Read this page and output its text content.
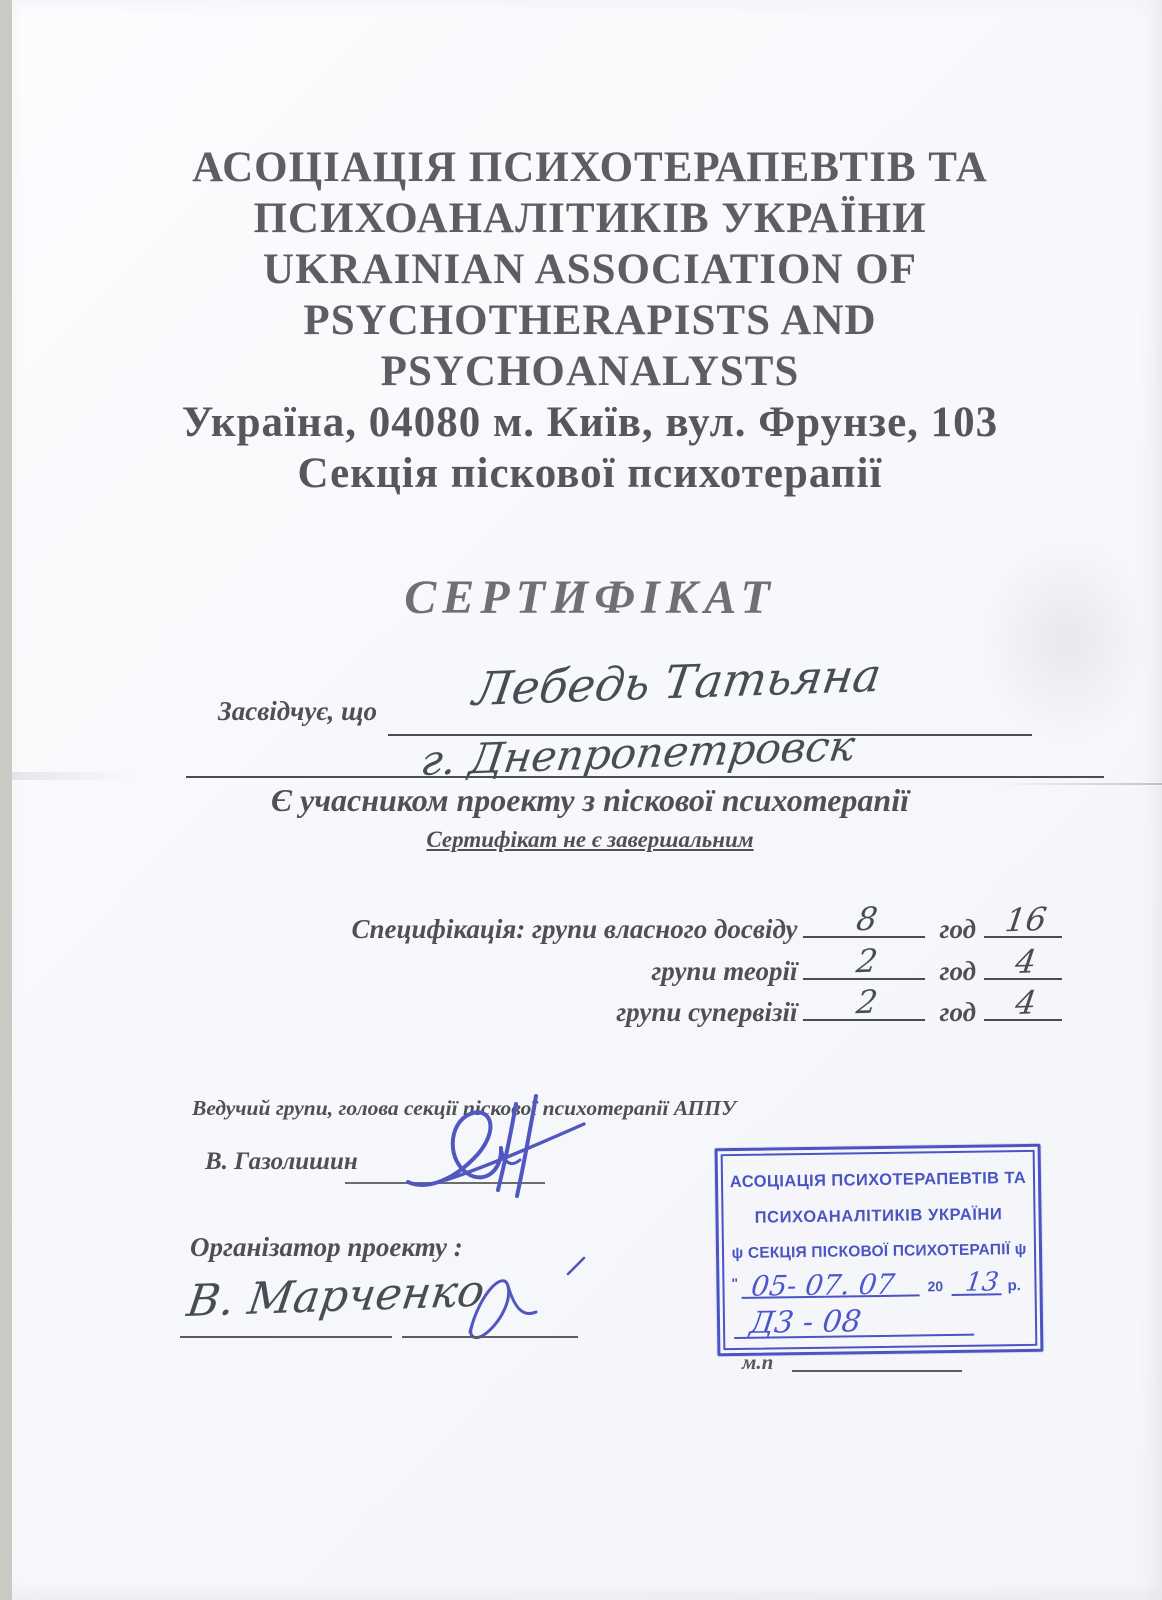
АСОЦІАЦІЯ ПСИХОТЕРАПЕВТІВ ТА
ПСИХОАНАЛІТИКІВ УКРАЇНИ
UKRAINIAN ASSOCIATION OF
PSYCHOTHERAPISTS AND
PSYCHOANALYSTS
Україна, 04080 м. Київ, вул. Фрунзе, 103
Секція піскової психотерапії
СЕРТИФІКАТ
Засвідчує, що Лебедь Татьяна
г. Днепропетровск
Є учасником проекту з піскової психотерапії
Сертифікат не є завершальним
Специфікація: групи власного досвіду	8	год 16
групи теорії	2	год	4
групи супервізії	2	год	4
Ведучий групи, голова секції піскової психотерапії АППУ
В. Газолишин
Організатор проекту :
В. Марченко
АСОЦІАЦІЯ ПСИХОТЕРАПЕВТІВ ТА
ПСИХОАНАЛІТИКІВ УКРАЇНИ
ψ СЕКЦІЯ ПІСКОВОЇ ПСИХОТЕРАПІЇ ψ
" 05- 07. 07 20 13 р.
Д3 - 08
м.п
